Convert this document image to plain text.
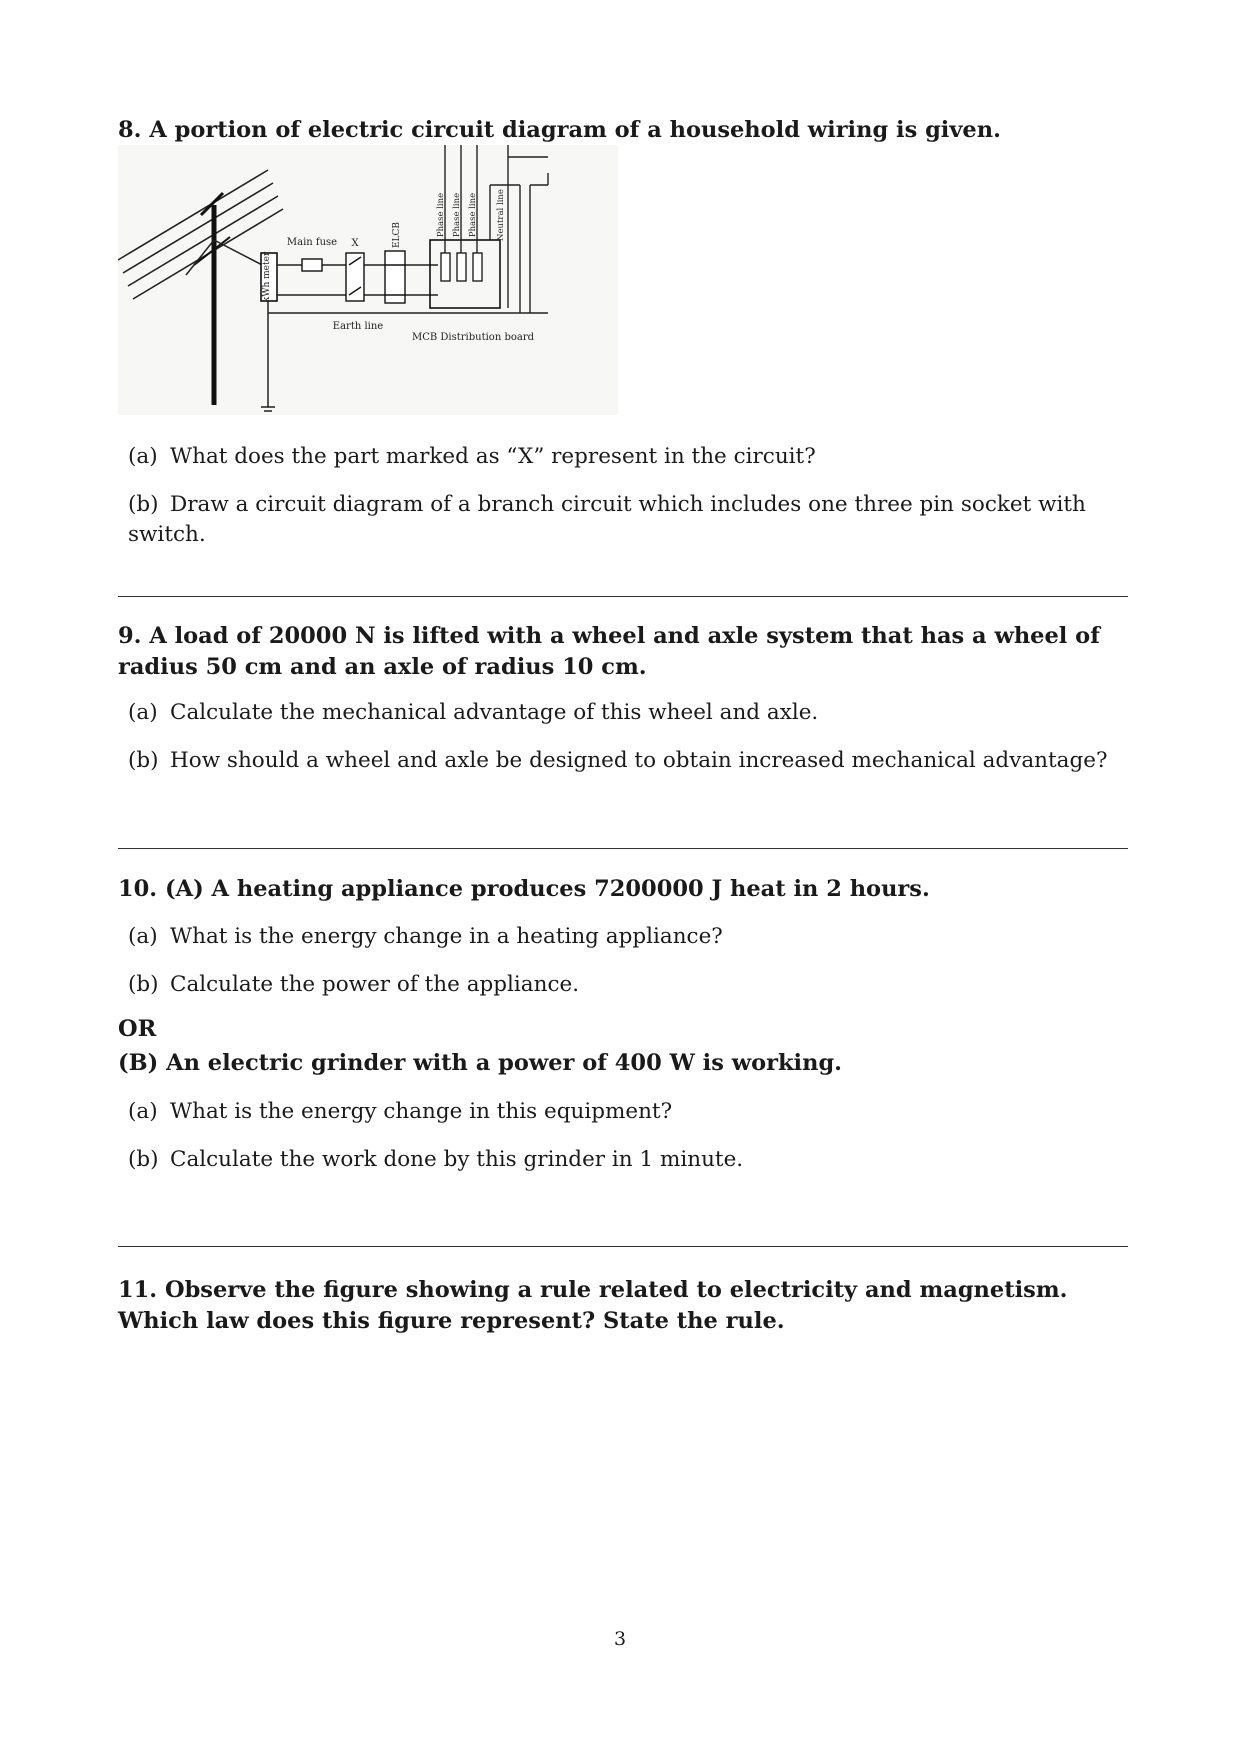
8. A portion of electric circuit diagram of a household wiring is given.
kWh meter
Main fuse X	ELCB	Phase line Phase line Phase line Neutral line
Earth line
MCB Distribution board
(a) What does the part marked as “X” represent in the circuit?
(b) Draw a circuit diagram of a branch circuit which includes one three pin socket with switch.
9. A load of 20000 N is lifted with a wheel and axle system that has a wheel of radius 50 cm and an axle of radius 10 cm.
(a) Calculate the mechanical advantage of this wheel and axle.
(b) How should a wheel and axle be designed to obtain increased mechanical advantage?
10. (A) A heating appliance produces 7200000 J heat in 2 hours.
(a) What is the energy change in a heating appliance?
(b) Calculate the power of the appliance.
OR
(B) An electric grinder with a power of 400 W is working.
(a) What is the energy change in this equipment?
(b) Calculate the work done by this grinder in 1 minute.
11. Observe the figure showing a rule related to electricity and magnetism. Which law does this figure represent? State the rule.
3
